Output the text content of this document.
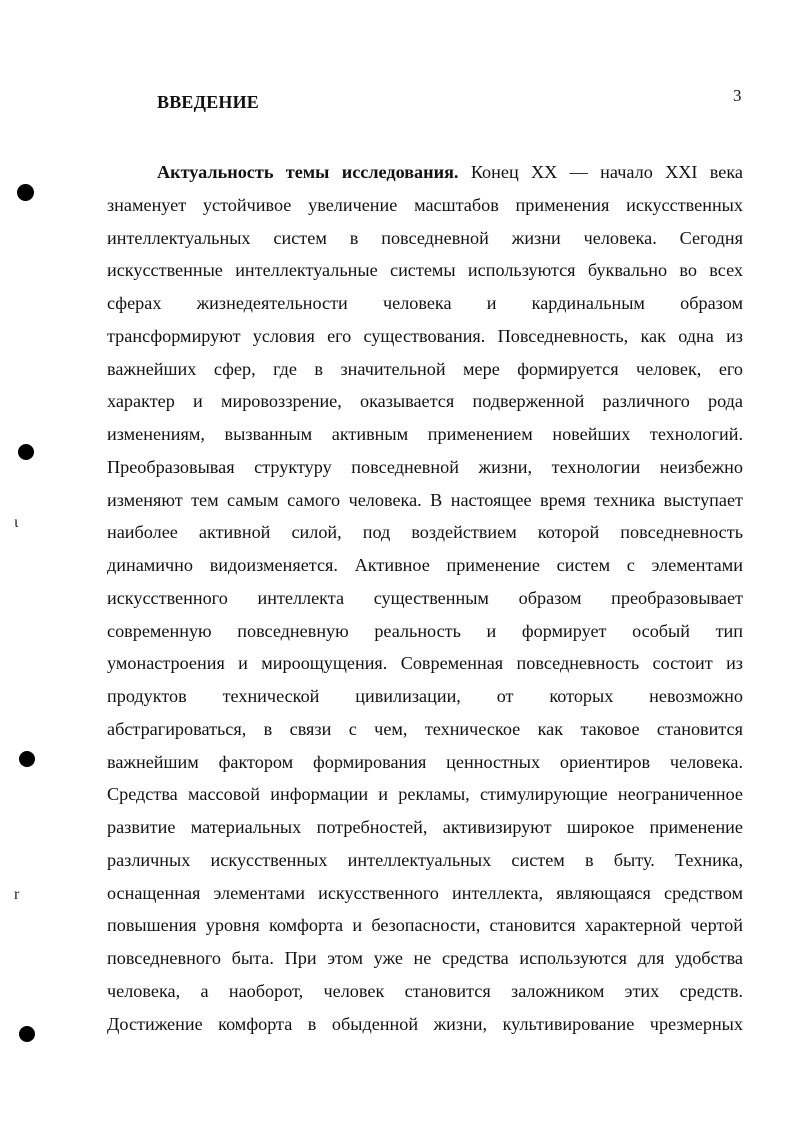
3
ВВЕДЕНИЕ
Актуальность темы исследования. Конец XX — начало XXI века
знаменует устойчивое увеличение масштабов применения искусственных
интеллектуальных систем в повседневной жизни человека. Сегодня
искусственные интеллектуальные системы используются буквально во всех
сферах жизнедеятельности человека и кардинальным образом
трансформируют условия его существования. Повседневность, как одна из
важнейших сфер, где в значительной мере формируется человек, его
характер и мировоззрение, оказывается подверженной различного рода
изменениям, вызванным активным применением новейших технологий.
Преобразовывая структуру повседневной жизни, технологии неизбежно
изменяют тем самым самого человека. В настоящее время техника выступает
наиболее активной силой, под воздействием которой повседневность
динамично видоизменяется. Активное применение систем с элементами
искусственного интеллекта существенным образом преобразовывает
современную повседневную реальность и формирует особый тип
умонастроения и мироощущения. Современная повседневность состоит из
продуктов технической цивилизации, от которых невозможно
абстрагироваться, в связи с чем, техническое как таковое становится
важнейшим фактором формирования ценностных ориентиров человека.
Средства массовой информации и рекламы, стимулирующие неограниченное
развитие материальных потребностей, активизируют широкое применение
различных искусственных интеллектуальных систем в быту. Техника,
оснащенная элементами искусственного интеллекта, являющаяся средством
повышения уровня комфорта и безопасности, становится характерной чертой
повседневного быта. При этом уже не средства используются для удобства
человека, а наоборот, человек становится заложником этих средств.
Достижение комфорта в обыденной жизни, культивирование чрезмерных
ι
r
